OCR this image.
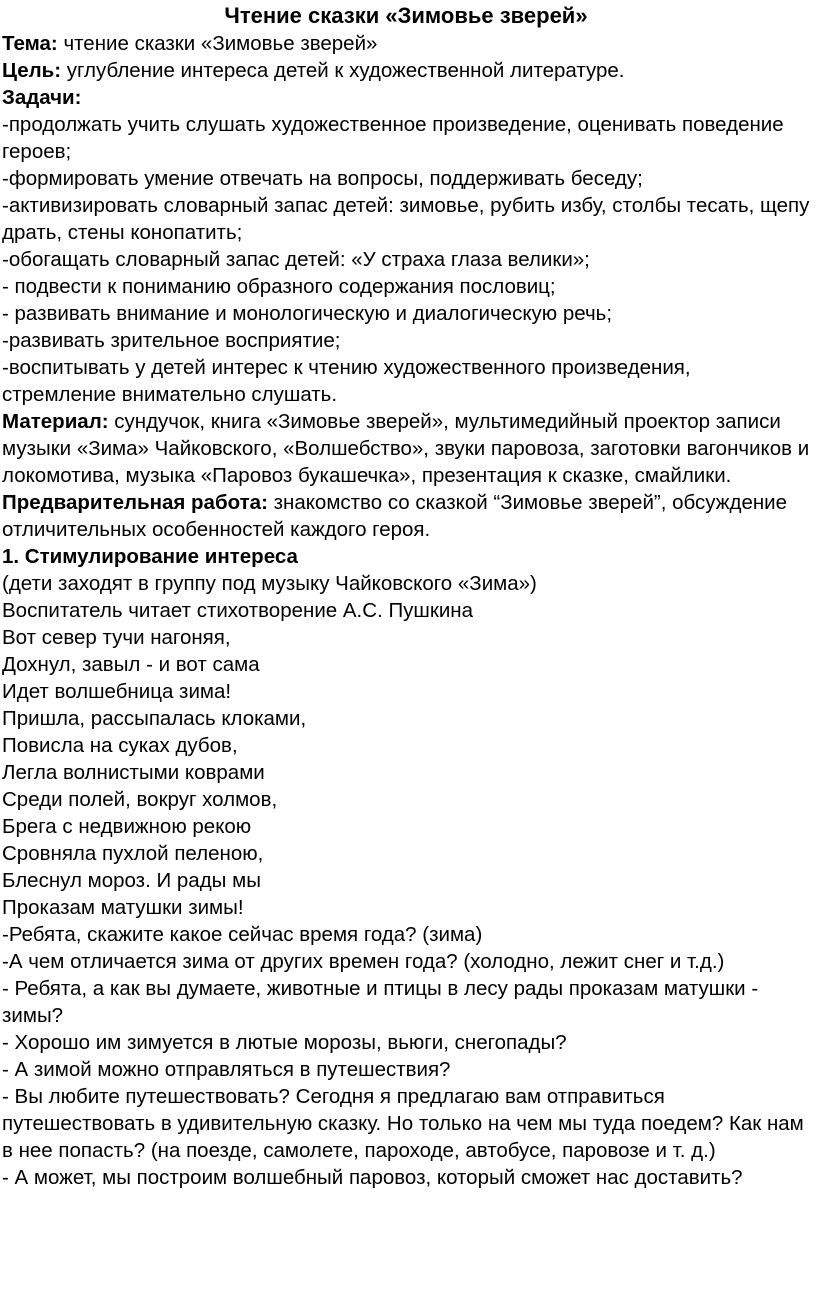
Чтение сказки «Зимовье зверей»

Тема: чтение сказки «Зимовье зверей»

Цель: углубление интереса детей к художественной литературе.

Задачи:

-продолжать учить слушать художественное произведение, оценивать поведение героев;

-формировать умение отвечать на вопросы, поддерживать беседу;

-активизировать словарный запас детей: зимовье, рубить избу, столбы тесать, щепу драть, стены конопатить;

-обогащать словарный запас детей: «У страха глаза велики»;

- подвести к пониманию образного содержания пословиц;

- развивать внимание и монологическую и диалогическую речь;

-развивать зрительное восприятие;

-воспитывать у детей интерес к чтению художественного произведения, стремление внимательно слушать.

Материал: сундучок, книга «Зимовье зверей», мультимедийный проектор записи музыки «Зима» Чайковского, «Волшебство», звуки паровоза, заготовки вагончиков и локомотива, музыка «Паровоз букашечка», презентация к сказке, смайлики.

Предварительная работа: знакомство со сказкой “Зимовье зверей”, обсуждение отличительных особенностей каждого героя.

1. Стимулирование интереса

(дети заходят в группу под музыку Чайковского «Зима»)

Воспитатель читает стихотворение А.С. Пушкина

Вот север тучи нагоняя,

Дохнул, завыл - и вот сама

Идет волшебница зима!

Пришла, рассыпалась клоками,

Повисла на суках дубов,

Легла волнистыми коврами

Среди полей, вокруг холмов,

Брега с недвижною рекою

Сровняла пухлой пеленою,

Блеснул мороз. И рады мы

Проказам матушки зимы!

-Ребята, скажите какое сейчас время года? (зима)

-А чем отличается зима от других времен года? (холодно, лежит снег и т.д.)

- Ребята, а как вы думаете, животные и птицы в лесу рады проказам матушки - зимы?

- Хорошо им зимуется в лютые морозы, вьюги, снегопады?

- А зимой можно отправляться в путешествия?

- Вы любите путешествовать? Сегодня я предлагаю вам отправиться путешествовать в удивительную сказку. Но только на чем мы туда поедем? Как нам в нее попасть? (на поезде, самолете, пароходе, автобусе, паровозе и т. д.)

- А может, мы построим волшебный паровоз, который сможет нас доставить?
